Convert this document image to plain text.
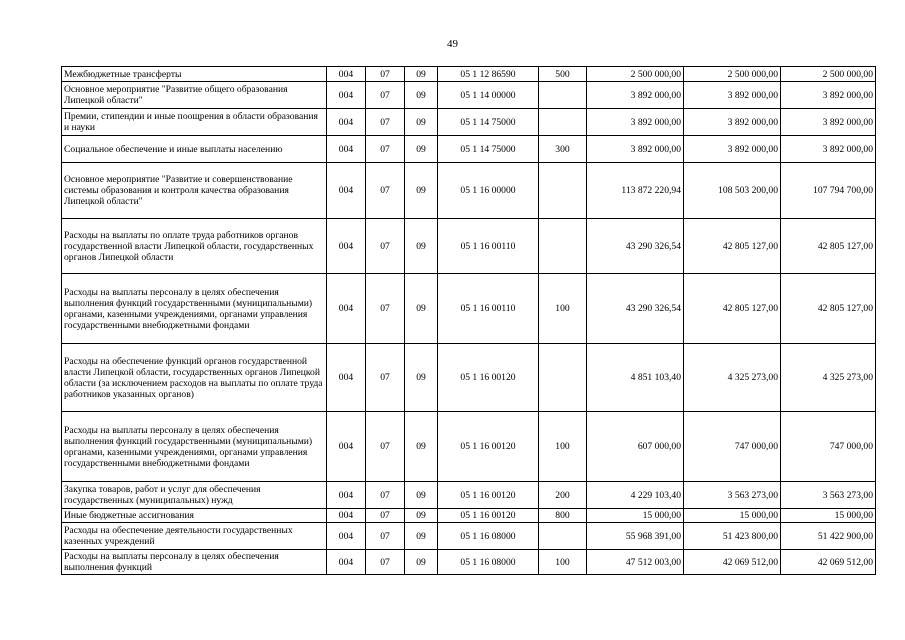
49
Межбюджетные трансферты	004	07	09	05 1 12 86590	500	2 500 000,00	2 500 000,00	2 500 000,00
Основное мероприятие "Развитие общего образования Липецкой области"	004	07	09	05 1 14 00000		3 892 000,00	3 892 000,00	3 892 000,00
Премии, стипендии и иные поощрения в области образования и науки	004	07	09	05 1 14 75000		3 892 000,00	3 892 000,00	3 892 000,00
Социальное обеспечение и иные выплаты населению	004	07	09	05 1 14 75000	300	3 892 000,00	3 892 000,00	3 892 000,00
Основное мероприятие "Развитие и совершенствование системы образования и контроля качества образования Липецкой области"	004	07	09	05 1 16 00000		113 872 220,94	108 503 200,00	107 794 700,00
Расходы на выплаты по оплате труда работников органов государственной власти Липецкой области, государственных органов Липецкой области	004	07	09	05 1 16 00110		43 290 326,54	42 805 127,00	42 805 127,00
Расходы на выплаты персоналу в целях обеспечения выполнения функций государственными (муниципальными) органами, казенными учреждениями, органами управления государственными внебюджетными фондами	004	07	09	05 1 16 00110	100	43 290 326,54	42 805 127,00	42 805 127,00
Расходы на обеспечение функций органов государственной власти Липецкой области, государственных органов Липецкой области (за исключением расходов на выплаты по оплате труда работников указанных органов)	004	07	09	05 1 16 00120		4 851 103,40	4 325 273,00	4 325 273,00
Расходы на выплаты персоналу в целях обеспечения выполнения функций государственными (муниципальными) органами, казенными учреждениями, органами управления государственными внебюджетными фондами	004	07	09	05 1 16 00120	100	607 000,00	747 000,00	747 000,00
Закупка товаров, работ и услуг для обеспечения государственных (муниципальных) нужд	004	07	09	05 1 16 00120	200	4 229 103,40	3 563 273,00	3 563 273,00
Иные бюджетные ассигнования	004	07	09	05 1 16 00120	800	15 000,00	15 000,00	15 000,00
Расходы на обеспечение деятельности государственных казенных учреждений	004	07	09	05 1 16 08000		55 968 391,00	51 423 800,00	51 422 900,00
Расходы на выплаты персоналу в целях обеспечения выполнения функций	004	07	09	05 1 16 08000	100	47 512 003,00	42 069 512,00	42 069 512,00
